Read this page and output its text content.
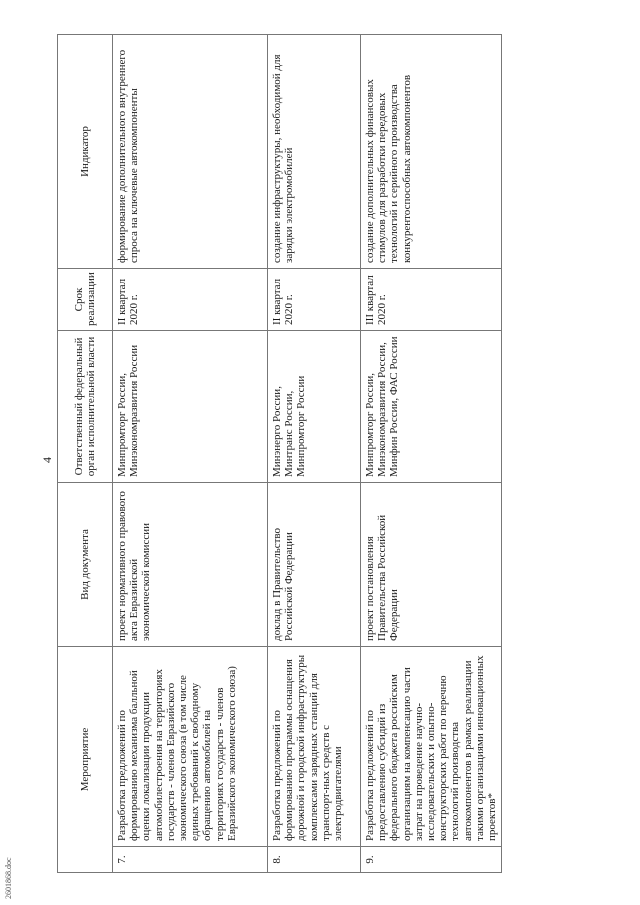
4
Мероприятие		Вид документа	Ответственный федеральный орган исполнительной власти	Срок реализации	Индикатор
7.	Разработка предложений по формированию механизма балльной оценки локализации продукции автомобилестроения на территориях государств - членов Евразийского экономического союза (в том числе единых требований к свободному обращению автомобилей на территориях государств - членов Евразийского экономического союза)	проект нормативного правового акта Евразийской экономической комиссии	Минпромторг России, Минэкономразвития России	II квартал 2020 г.	формирование дополнительного внутреннего спроса на ключевые автокомпоненты
8.	Разработка предложений по формированию программы оснащения дорожной и городской инфраструктуры комплексами зарядных станций для транспорт-ных средств с электродвигателями	доклад в Правительство Российской Федерации	Минэнерго России, Минтранс России, Минпромторг России	II квартал 2020 г.	создание инфраструктуры, необходимой для зарядки электромобилей
9.	Разработка предложений по предоставлению субсидий из федерального бюджета российским организациям на компенсацию части затрат на проведение научно-исследовательских и опытно-конструкторских работ по перечню технологий производства автокомпонентов в рамках реализации такими организациями инновационных проектов*	проект постановления Правительства Российской Федерации	Минпромторг России, Минэкономразвития России, Минфин России, ФАС России	III квартал 2020 г.	создание дополнительных финансовых стимулов для разработки передовых технологий и серийного производства конкурентоспособных автокомпонентов
2601868.doc
